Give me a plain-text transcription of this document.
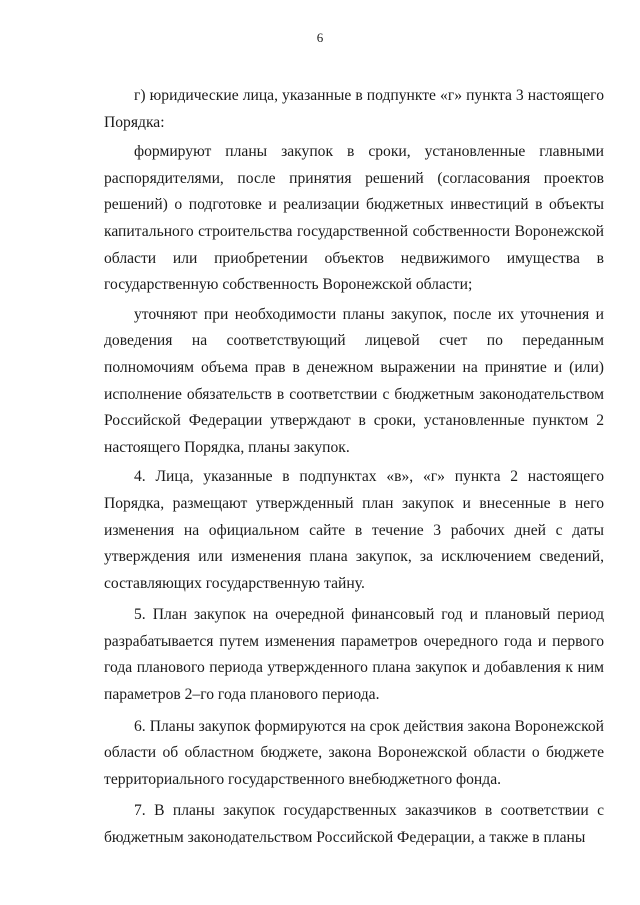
6

г) юридические лица, указанные в подпункте «г» пункта 3 настоящего Порядка:

формируют планы закупок в сроки, установленные главными распорядителями, после принятия решений (согласования проектов решений) о подготовке и реализации бюджетных инвестиций в объекты капитального строительства государственной собственности Воронежской области или приобретении объектов недвижимого имущества в государственную собственность Воронежской области;

уточняют при необходимости планы закупок, после их уточнения и доведения на соответствующий лицевой счет по переданным полномочиям объема прав в денежном выражении на принятие и (или) исполнение обязательств в соответствии с бюджетным законодательством Российской Федерации утверждают в сроки, установленные пунктом 2 настоящего Порядка, планы закупок.

4. Лица, указанные в подпунктах «в», «г» пункта 2 настоящего Порядка, размещают утвержденный план закупок и внесенные в него изменения на официальном сайте в течение 3 рабочих дней с даты утверждения или изменения плана закупок, за исключением сведений, составляющих государственную тайну.

5. План закупок на очередной финансовый год и плановый период разрабатывается путем изменения параметров очередного года и первого года планового периода утвержденного плана закупок и добавления к ним параметров 2–го года планового периода.

6. Планы закупок формируются на срок действия закона Воронежской области об областном бюджете, закона Воронежской области о бюджете территориального государственного внебюджетного фонда.

7. В планы закупок государственных заказчиков в соответствии с бюджетным законодательством Российской Федерации, а также в планы
